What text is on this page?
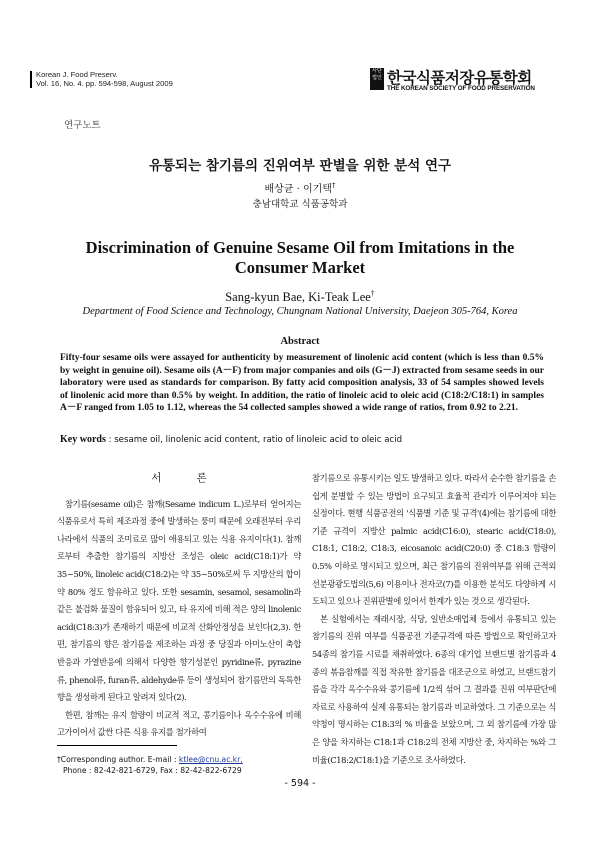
Korean J. Food Preserv.
Vol. 16, No. 4. pp. 594-598, August 2009
사단법인 한국식품저장유통학회
THE KOREAN SOCIETY OF FOOD PRESERVATION
연구노트
유통되는 참기름의 진위여부 판별을 위한 분석 연구
배상균 · 이기택†
충남대학교 식품공학과
Discrimination of Genuine Sesame Oil from Imitations in the
Consumer Market
Sang-kyun Bae, Ki-Teak Lee†
Department of Food Science and Technology, Chungnam National University, Daejeon 305-764, Korea
Abstract
Fifty-four sesame oils were assayed for authenticity by measurement of linolenic acid content (which is less than 0.5% by weight in genuine oil). Sesame oils (A－F) from major companies and oils (G－J) extracted from sesame seeds in our laboratory were used as standards for comparison. By fatty acid composition analysis, 33 of 54 samples showed levels of linolenic acid more than 0.5% by weight. In addition, the ratio of linoleic acid to oleic acid (C18:2/C18:1) in samples A－F ranged from 1.05 to 1.12, whereas the 54 collected samples showed a wide range of ratios, from 0.92 to 2.21.
Key words : sesame oil, linolenic acid content, ratio of linoleic acid to oleic acid
서 론

참기름(sesame oil)은 참깨(Sesame indicum L.)로부터 얻어지는 식품유로서 특히 제조과정 중에 발생하는 풍미 때문에 오래전부터 우리나라에서 식품의 조미료로 많이 애용되고 있는 식용 유지이다(1). 참깨로부터 추출한 참기름의 지방산 조성은 oleic acid(C18:1)가 약 35~50%, linoleic acid(C18:2)는 약 35~50%로써 두 지방산의 합이 약 80% 정도 함유하고 있다. 또한 sesamin, sesamol, sesamolin과 같은 불검화 물질이 함유되어 있고, 타 유지에 비해 적은 양의 linolenic acid(C18:3)가 존재하기 때문에 비교적 산화안정성을 보인다(2,3). 한편, 참기름의 향은 참기름을 제조하는 과정 중 당질과 아미노산이 축합반응과 가열반응에 의해서 다양한 향기성분인 pyridine류, pyrazine류, phenol류, furan류, aldehyde류 등이 생성되어 참기름만의 독특한 향을 생성하게 된다고 알려져 있다(2).

한편, 참깨는 유지 함량이 비교적 적고, 콩기름이나 옥수수유에 비해 고가이어서 값싼 다른 식용 유지를 첨가하여

참기름으로 유통시키는 일도 발생하고 있다. 따라서 순수한 참기름을 손쉽게 분별할 수 있는 방법이 요구되고 효율적 관리가 이루어져야 되는 실정이다. 현행 식품공전의 '식품별 기준 및 규격'(4)에는 참기름에 대한 기준 규격이 지방산 palmic acid(C16:0), stearic acid(C18:0), C18:1, C18:2, C18:3, eicosanoic acid(C20:0) 중 C18:3 함량이 0.5% 이하로 명시되고 있으며, 최근 참기름의 진위여부를 위해 근적외선분광광도법의(5,6) 이용이나 전자코(7)를 이용한 분석도 다양하게 시도되고 있으나 진위판별에 있어서 한계가 있는 것으로 생각된다.

본 실험에서는 재래시장, 식당, 일반소매업체 등에서 유통되고 있는 참기름의 진위 여부를 식품공전 기준규격에 따른 방법으로 확인하고자 54종의 참기름 시료를 채취하였다. 6종의 대기업 브랜드별 참기름과 4종의 볶음참깨를 직접 착유한 참기름을 대조군으로 하였고, 브랜드참기름을 각각 옥수수유와 콩기름에 1/2씩 섞어 그 결과를 진위 여부판단에 자료로 사용하여 실제 유통되는 참기름과 비교하였다. 그 기준으로는 식약청이 명시하는 C18:3의 % 비율을 보았으며, 그 외 참기름에 가장 많은 양을 차지하는 C18:1과 C18:2의 전체 지방산 중, 차지하는 %와 그 비율(C18:2/C18:1)을 기준으로 조사하였다.

†Corresponding author. E-mail : ktlee@cnu.ac.kr,
Phone : 82-42-821-6729, Fax : 82-42-822-6729
- 594 -
